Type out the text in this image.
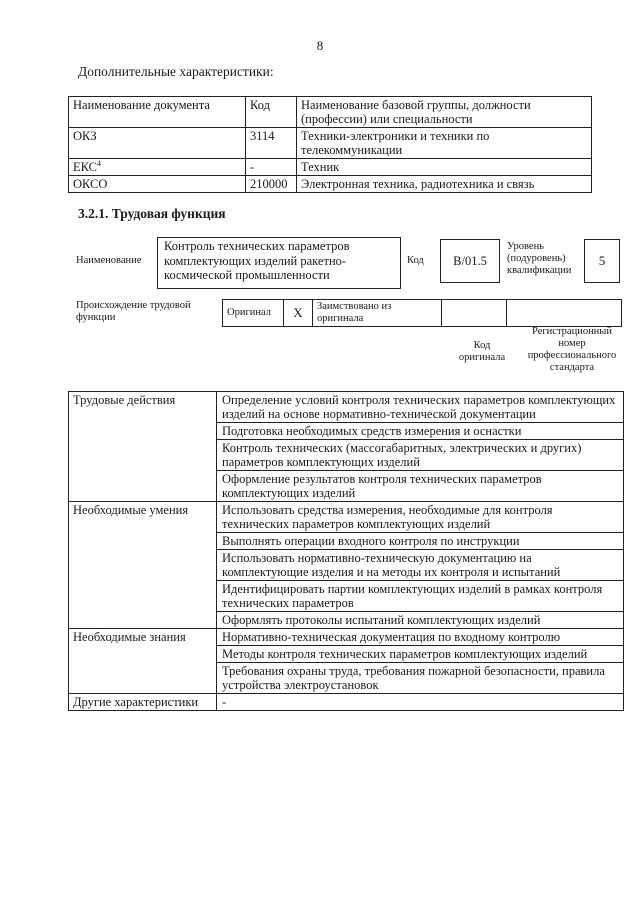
8
Дополнительные характеристики:
Наименование документа	Код	Наименование базовой группы, должности (профессии) или специальности
ОКЗ	3114	Техники-электроники и техники по телекоммуникации
ЕКС$^4$	-	Техник
ОКСО	210000	Электронная техника, радиотехника и связь
3.2.1. Трудовая функция
Наименование
Контроль технических параметров комплектующих изделий ракетно-космической промышленности
Код	В/01.5
Уровень (подуровень) квалификации
5
Происхождение трудовой функции	Оригинал	X	Заимствовано из оригинала		
Код оригинала
Регистрационный номер профессионального стандарта
Трудовые действия	Определение условий контроля технических параметров комплектующих изделий на основе нормативно-технической документации
	Подготовка необходимых средств измерения и оснастки
	Контроль технических (массогабаритных, электрических и других) параметров комплектующих изделий
	Оформление результатов контроля технических параметров комплектующих изделий
Необходимые умения	Использовать средства измерения, необходимые для контроля технических параметров комплектующих изделий
	Выполнять операции входного контроля по инструкции
	Использовать нормативно-техническую документацию на комплектующие изделия и на методы их контроля и испытаний
	Идентифицировать партии комплектующих изделий в рамках контроля технических параметров
	Оформлять протоколы испытаний комплектующих изделий
Необходимые знания	Нормативно-техническая документация по входному контролю
	Методы контроля технических параметров комплектующих изделий
	Требования охраны труда, требования пожарной безопасности, правила устройства электроустановок
Другие характеристики	-
